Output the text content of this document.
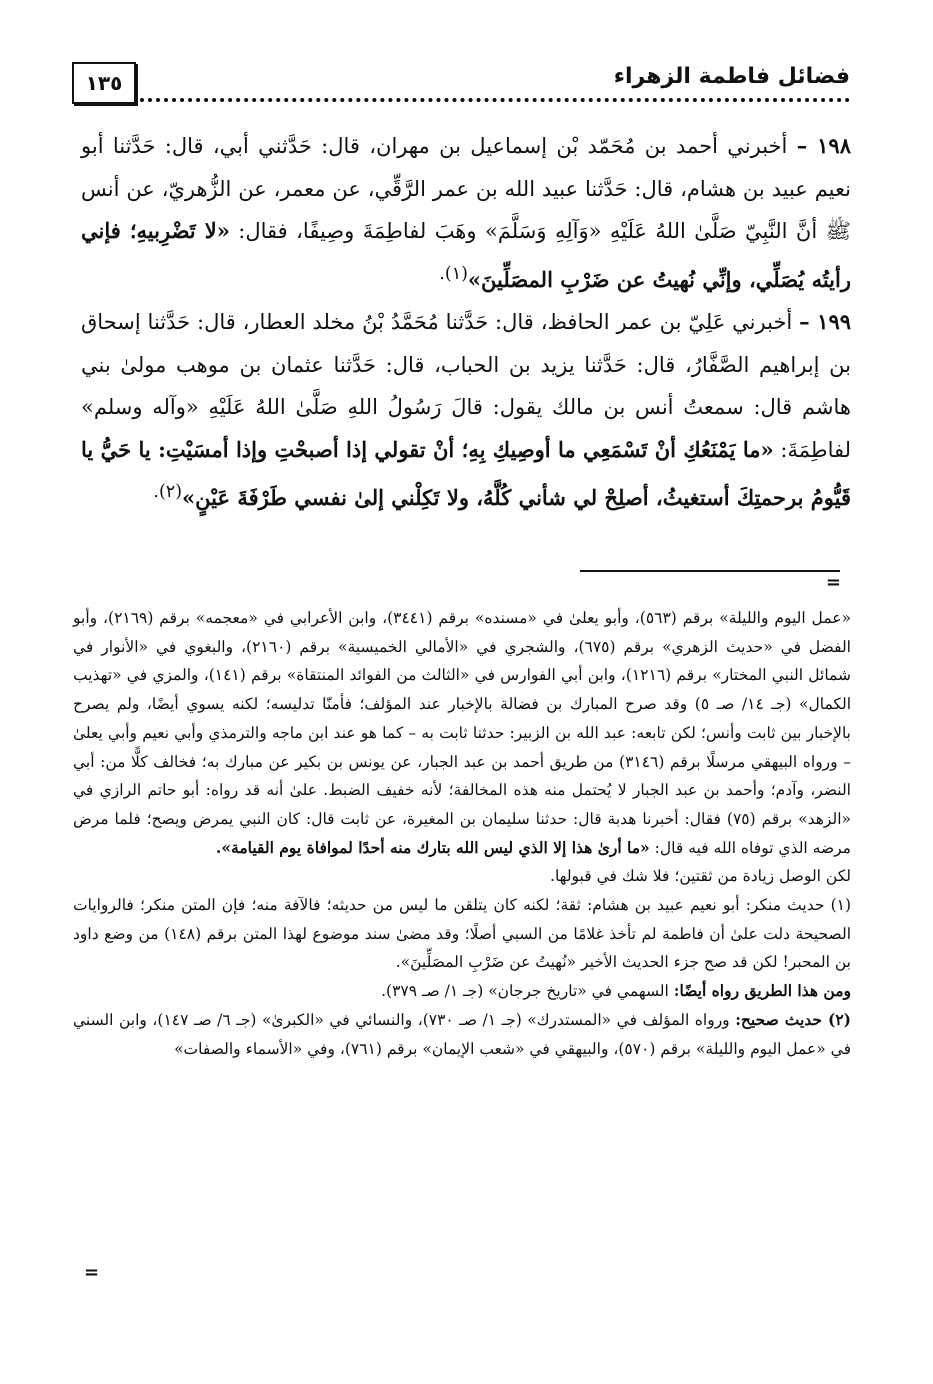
١٣٥	فضائل فاطمة الزهراء

١٩٨ – أخبرني أحمد بن مُحَمّد بْن إسماعيل بن مهران، قال: حَدَّثني أبي، قال: حَدَّثنا أبو نعيم عبيد بن هشام، قال: حَدَّثنا عبيد الله بن عمر الرَّقِّي، عن معمر، عن الزُّهريّ، عن أنس ﷺ أنَّ النَّبِيّ صَلَّىٰ اللهُ عَلَيْهِ «وَآلِهِ وَسَلَّمَ» وهَبَ لفاطِمَةَ وصِيفًا، فقال: «لا تَضْرِبيهِ؛ فإني رأيتُه يُصَلِّي، وإنِّي نُهيتُ عن ضَرْبِ المصَلِّينَ»$^{(١).}$

١٩٩ – أخبرني عَلِيّ بن عمر الحافظ، قال: حَدَّثنا مُحَمَّدُ بْنُ مخلد العطار، قال: حَدَّثنا إسحاق بن إبراهيم الصَّفَّارُ، قال: حَدَّثنا يزيد بن الحباب، قال: حَدَّثنا عثمان بن موهب مولىٰ بني هاشم قال: سمعتُ أنس بن مالك يقول: قالَ رَسُولُ اللهِ صَلَّىٰ اللهُ عَلَيْهِ «وآله وسلم» لفاطِمَةَ: «ما يَمْنَعُكِ أنْ تَسْمَعِي ما أوصِيكِ بِهِ؛ أنْ تقولي إذا أصبحْتِ وإذا أمسَيْتِ: يا حَيُّ يا قَيُّومُ برحمتِكَ أستغيثُ، أصلِحْ لي شأني كُلَّهُ، ولا تَكِلْني إلىٰ نفسي طَرْفَةَ عَيْنٍ»$^{(٢).}$

=

«عمل اليوم والليلة» برقم (٥٦٣)، وأبو يعلىٰ في «مسنده» برقم (٣٤٤١)، وابن الأعرابي في «معجمه» برقم (٢١٦٩)، وأبو الفضل في «حديث الزهري» برقم (٦٧٥)، والشجري في «الأمالي الخميسية» برقم (٢١٦٠)، والبغوي في «الأنوار في شمائل النبي المختار» برقم (١٢١٦)، وابن أبي الفوارس في «الثالث من الفوائد المنتقاة» برقم (١٤١)، والمزي في «تهذيب الكمال» (جـ ١٤/ صـ ٥) وقد صرح المبارك بن فضالة بالإخبار عند المؤلف؛ فأمنّا تدليسه؛ لكنه يسوي أيضًا، ولم يصرح بالإخبار بين ثابت وأنس؛ لكن تابعه: عبد الله بن الزبير: حدثنا ثابت به – كما هو عند ابن ماجه والترمذي وأبي نعيم وأبي يعلىٰ – ورواه البيهقي مرسلًا برقم (٣١٤٦) من طريق أحمد بن عبد الجبار، عن يونس بن بكير عن مبارك به؛ فخالف كلًّا من: أبي النضر، وآدم؛ وأحمد بن عبد الجبار لا يُحتمل منه هذه المخالفة؛ لأنه خفيف الضبط. علىٰ أنه قد رواه: أبو حاتم الرازي في «الزهد» برقم (٧٥) فقال: أخبرنا هدبة قال: حدثنا سليمان بن المغيرة، عن ثابت قال: كان النبي يمرض ويصح؛ فلما مرض مرضه الذي توفاه الله فيه قال: «ما أرىٰ هذا إلا الذي ليس الله بتارك منه أحدًا لموافاة يوم القيامة».

لكن الوصل زيادة من ثقتين؛ فلا شك في قبولها.

(١) حديث منكر: أبو نعيم عبيد بن هشام: ثقة؛ لكنه كان يتلقن ما ليس من حديثه؛ فالآفة منه؛ فإن المتن منكر؛ فالروايات الصحيحة دلت علىٰ أن فاطمة لم تأخذ غلامًا من السبي أصلًا؛ وقد مضىٰ سند موضوع لهذا المتن برقم (١٤٨) من وضع داود بن المحبر! لكن قد صح جزء الحديث الأخير «نُهيتُ عن ضَرْبِ المصَلِّينَ».

ومن هذا الطريق رواه أيضًا: السهمي في «تاريخ جرجان» (جـ ١/ صـ ٣٧٩).

(٢) حديث صحيح: ورواه المؤلف في «المستدرك» (جـ ١/ صـ ٧٣٠)، والنسائي في «الكبرىٰ» (جـ ٦/ صـ ١٤٧)، وابن السني في «عمل اليوم والليلة» برقم (٥٧٠)، والبيهقي في «شعب الإيمان» برقم (٧٦١)، وفي «الأسماء والصفات»

=
